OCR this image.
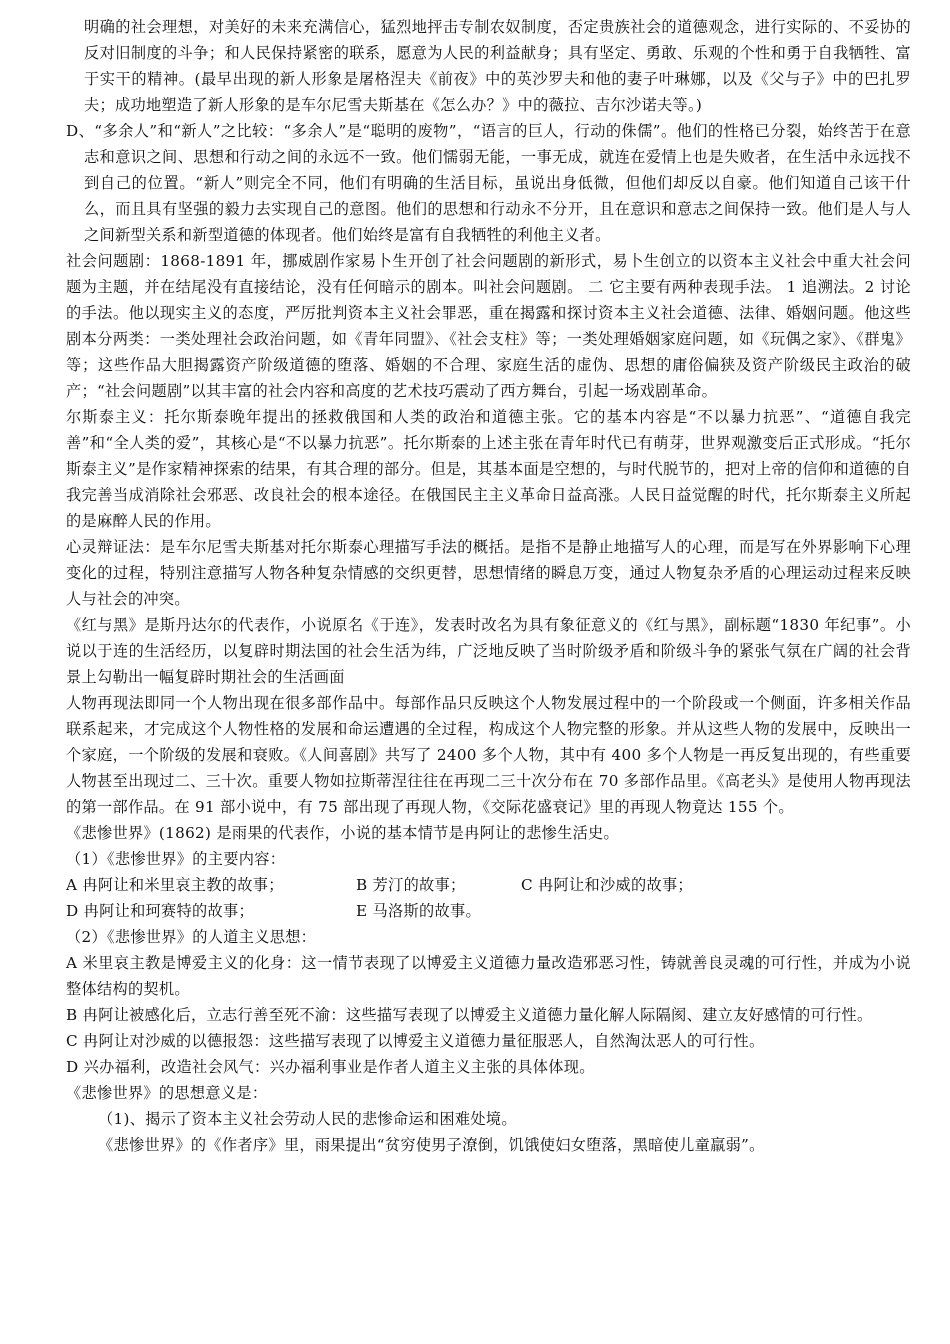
明确的社会理想，对美好的未来充满信心，猛烈地抨击专制农奴制度，否定贵族社会的道德观念，进行实际的、不妥协的反对旧制度的斗争；和人民保持紧密的联系，愿意为人民的利益献身；具有坚定、勇敢、乐观的个性和勇于自我牺牲、富于实干的精神。(最早出现的新人形象是屠格涅夫《前夜》中的英沙罗夫和他的妻子叶琳娜，以及《父与子》中的巴扎罗夫；成功地塑造了新人形象的是车尔尼雪夫斯基在《怎么办？》中的薇拉、吉尔沙诺夫等。)

D、“多余人”和“新人”之比较：“多余人”是“聪明的废物”，“语言的巨人，行动的侏儒”。他们的性格已分裂，始终苦于在意志和意识之间、思想和行动之间的永远不一致。他们懦弱无能，一事无成，就连在爱情上也是失败者，在生活中永远找不到自己的位置。“新人”则完全不同，他们有明确的生活目标，虽说出身低微，但他们却反以自豪。他们知道自己该干什么，而且具有坚强的毅力去实现自己的意图。他们的思想和行动永不分开，且在意识和意志之间保持一致。他们是人与人之间新型关系和新型道德的体现者。他们始终是富有自我牺牲的利他主义者。

社会问题剧：1868-1891 年，挪威剧作家易卜生开创了社会问题剧的新形式，易卜生创立的以资本主义社会中重大社会问题为主题，并在结尾没有直接结论，没有任何暗示的剧本。叫社会问题剧。 二 它主要有两种表现手法。 1 追溯法。2 讨论的手法。他以现实主义的态度，严厉批判资本主义社会罪恶，重在揭露和探讨资本主义社会道德、法律、婚姻问题。他这些剧本分两类：一类处理社会政治问题，如《青年同盟》、《社会支柱》等；一类处理婚姻家庭问题，如《玩偶之家》、《群鬼》等；这些作品大胆揭露资产阶级道德的堕落、婚姻的不合理、家庭生活的虚伪、思想的庸俗偏狭及资产阶级民主政治的破产；“社会问题剧”以其丰富的社会内容和高度的艺术技巧震动了西方舞台，引起一场戏剧革命。

尔斯泰主义：托尔斯泰晚年提出的拯救俄国和人类的政治和道德主张。它的基本内容是“不以暴力抗恶”、“道德自我完善”和“全人类的爱”，其核心是“不以暴力抗恶”。托尔斯泰的上述主张在青年时代已有萌芽，世界观激变后正式形成。“托尔斯泰主义”是作家精神探索的结果，有其合理的部分。但是，其基本面是空想的，与时代脱节的，把对上帝的信仰和道德的自我完善当成消除社会邪恶、改良社会的根本途径。在俄国民主主义革命日益高涨。人民日益觉醒的时代，托尔斯泰主义所起的是麻醉人民的作用。

心灵辩证法：是车尔尼雪夫斯基对托尔斯泰心理描写手法的概括。是指不是静止地描写人的心理，而是写在外界影响下心理变化的过程，特别注意描写人物各种复杂情感的交织更替，思想情绪的瞬息万变，通过人物复杂矛盾的心理运动过程来反映人与社会的冲突。

《红与黑》是斯丹达尔的代表作，小说原名《于连》，发表时改名为具有象征意义的《红与黑》，副标题“1830 年纪事”。小说以于连的生活经历，以复辟时期法国的社会生活为纬，广泛地反映了当时阶级矛盾和阶级斗争的紧张气氛在广阔的社会背景上勾勒出一幅复辟时期社会的生活画面

人物再现法即同一个人物出现在很多部作品中。每部作品只反映这个人物发展过程中的一个阶段或一个侧面，许多相关作品联系起来，才完成这个人物性格的发展和命运遭遇的全过程，构成这个人物完整的形象。并从这些人物的发展中，反映出一个家庭，一个阶级的发展和衰败。《人间喜剧》共写了 2400 多个人物，其中有 400 多个人物是一再反复出现的，有些重要人物甚至出现过二、三十次。重要人物如拉斯蒂涅往往在再现二三十次分布在 70 多部作品里。《高老头》是使用人物再现法的第一部作品。在 91 部小说中，有 75 部出现了再现人物，《交际花盛衰记》里的再现人物竟达 155 个。

《悲惨世界》(1862) 是雨果的代表作，小说的基本情节是冉阿让的悲惨生活史。

（1）《悲惨世界》的主要内容：

A 冉阿让和米里哀主教的故事；	B 芳汀的故事；	C 冉阿让和沙威的故事；
D 冉阿让和珂赛特的故事；	E 马洛斯的故事。

（2）《悲惨世界》的人道主义思想：

A 米里哀主教是博爱主义的化身：这一情节表现了以博爱主义道德力量改造邪恶习性，铸就善良灵魂的可行性，并成为小说整体结构的契机。

B 冉阿让被感化后，立志行善至死不渝：这些描写表现了以博爱主义道德力量化解人际隔阂、建立友好感情的可行性。

C 冉阿让对沙威的以德报怨：这些描写表现了以博爱主义道德力量征服恶人，自然淘汰恶人的可行性。

D 兴办福利，改造社会风气：兴办福利事业是作者人道主义主张的具体体现。

《悲惨世界》的思想意义是：

（1)、揭示了资本主义社会劳动人民的悲惨命运和困难处境。

《悲惨世界》的《作者序》里，雨果提出“贫穷使男子潦倒，饥饿使妇女堕落，黑暗使儿童羸弱”。
